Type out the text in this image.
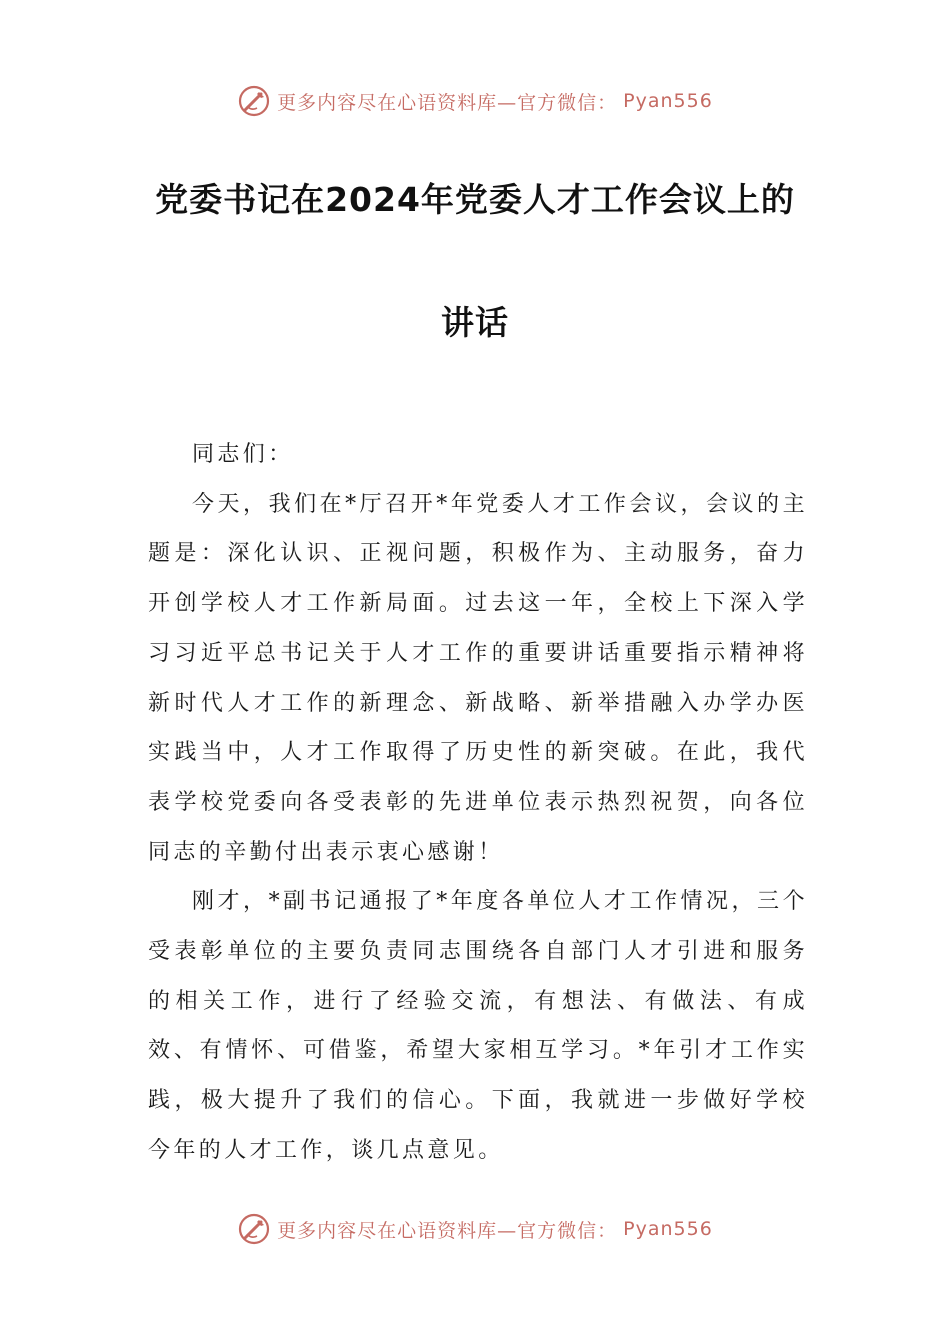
更多内容尽在心语资料库—官方微信： Pyan556
党委书记在2024年党委人才工作会议上的
讲话

同志们：

今天，我们在*厅召开*年党委人才工作会议，会议的主题是：深化认识、正视问题，积极作为、主动服务，奋力开创学校人才工作新局面。过去这一年，全校上下深入学习习近平总书记关于人才工作的重要讲话重要指示精神将新时代人才工作的新理念、新战略、新举措融入办学办医实践当中，人才工作取得了历史性的新突破。在此，我代表学校党委向各受表彰的先进单位表示热烈祝贺，向各位同志的辛勤付出表示衷心感谢！

刚才，*副书记通报了*年度各单位人才工作情况，三个受表彰单位的主要负责同志围绕各自部门人才引进和服务的相关工作，进行了经验交流，有想法、有做法、有成效、有情怀、可借鉴，希望大家相互学习。*年引才工作实践，极大提升了我们的信心。下面，我就进一步做好学校今年的人才工作，谈几点意见。

更多内容尽在心语资料库—官方微信： Pyan556
